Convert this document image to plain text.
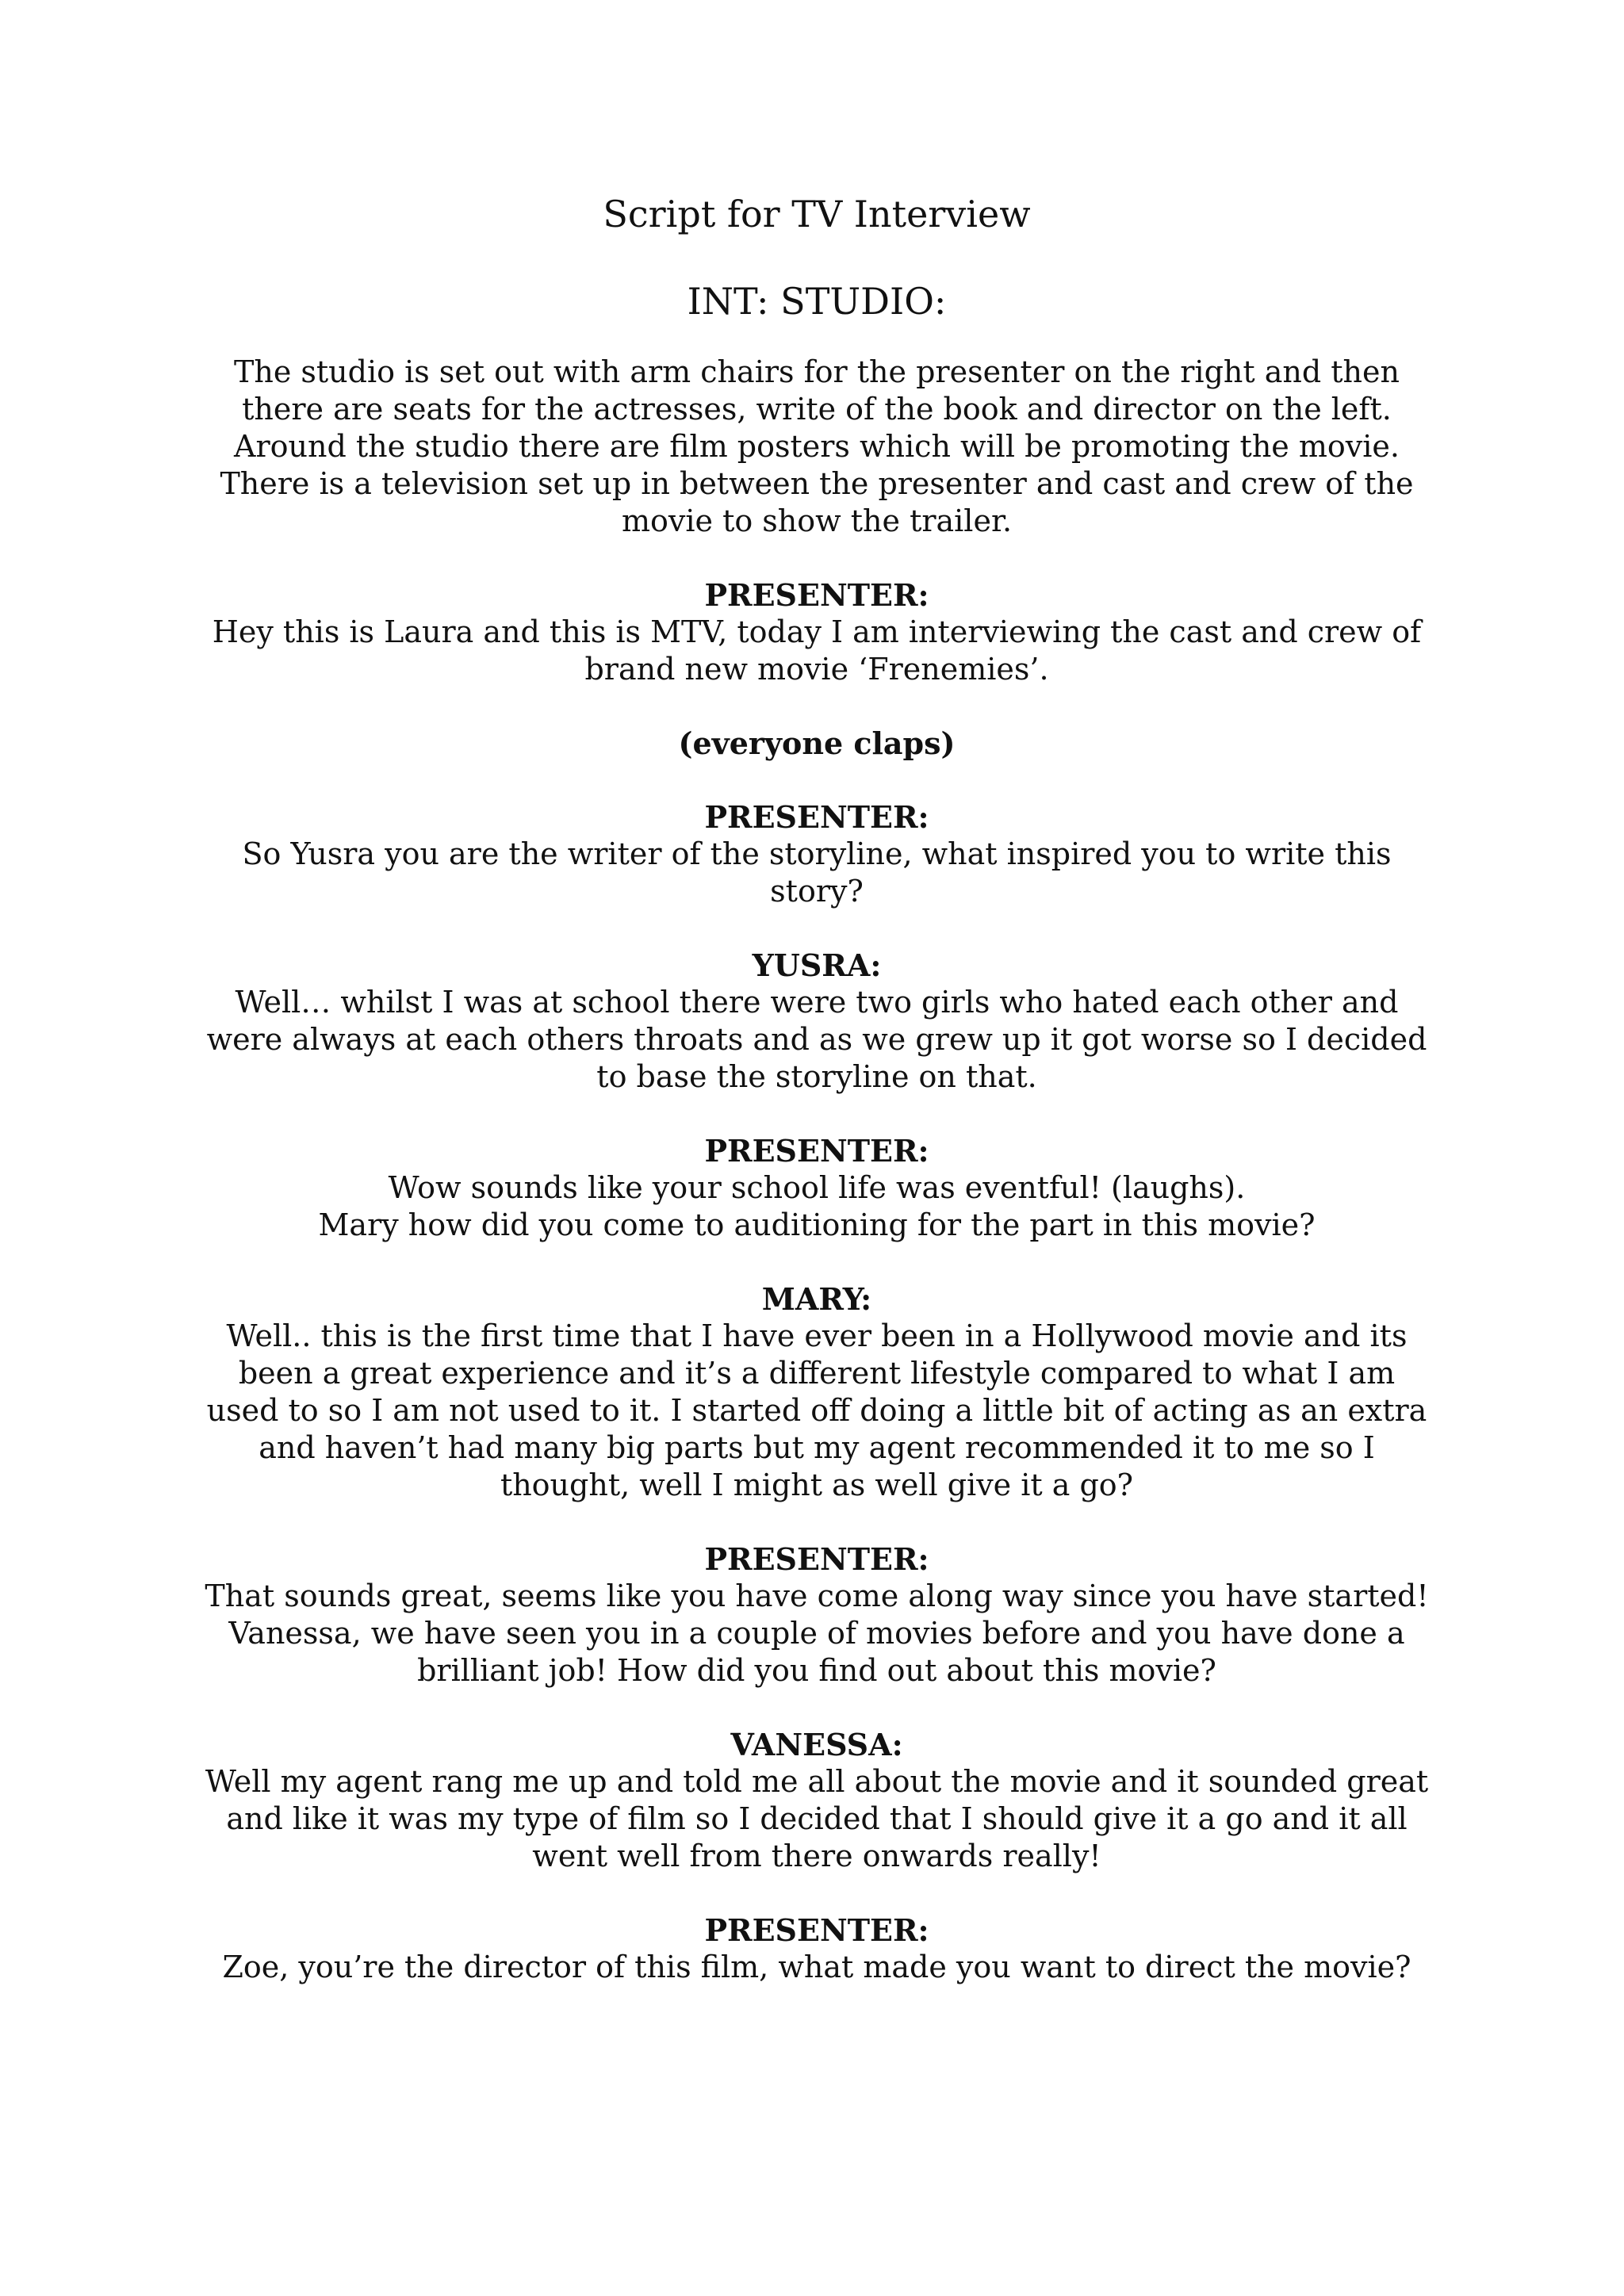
Script for TV Interview
INT: STUDIO:

The studio is set out with arm chairs for the presenter on the right and then there are seats for the actresses, write of the book and director on the left. Around the studio there are film posters which will be promoting the movie. There is a television set up in between the presenter and cast and crew of the movie to show the trailer.

PRESENTER:

Hey this is Laura and this is MTV, today I am interviewing the cast and crew of brand new movie ‘Frenemies’.

(everyone claps)

PRESENTER:

So Yusra you are the writer of the storyline, what inspired you to write this story?

YUSRA:

Well… whilst I was at school there were two girls who hated each other and were always at each others throats and as we grew up it got worse so I decided to base the storyline on that.

PRESENTER:

Wow sounds like your school life was eventful! (laughs).

Mary how did you come to auditioning for the part in this movie?

MARY:

Well.. this is the first time that I have ever been in a Hollywood movie and its been a great experience and it’s a different lifestyle compared to what I am used to so I am not used to it. I started off doing a little bit of acting as an extra and haven’t had many big parts but my agent recommended it to me so I thought, well I might as well give it a go?

PRESENTER:

That sounds great, seems like you have come along way since you have started!

Vanessa, we have seen you in a couple of movies before and you have done a brilliant job! How did you find out about this movie?

VANESSA:

Well my agent rang me up and told me all about the movie and it sounded great and like it was my type of film so I decided that I should give it a go and it all went well from there onwards really!

PRESENTER:

Zoe, you’re the director of this film, what made you want to direct the movie?
